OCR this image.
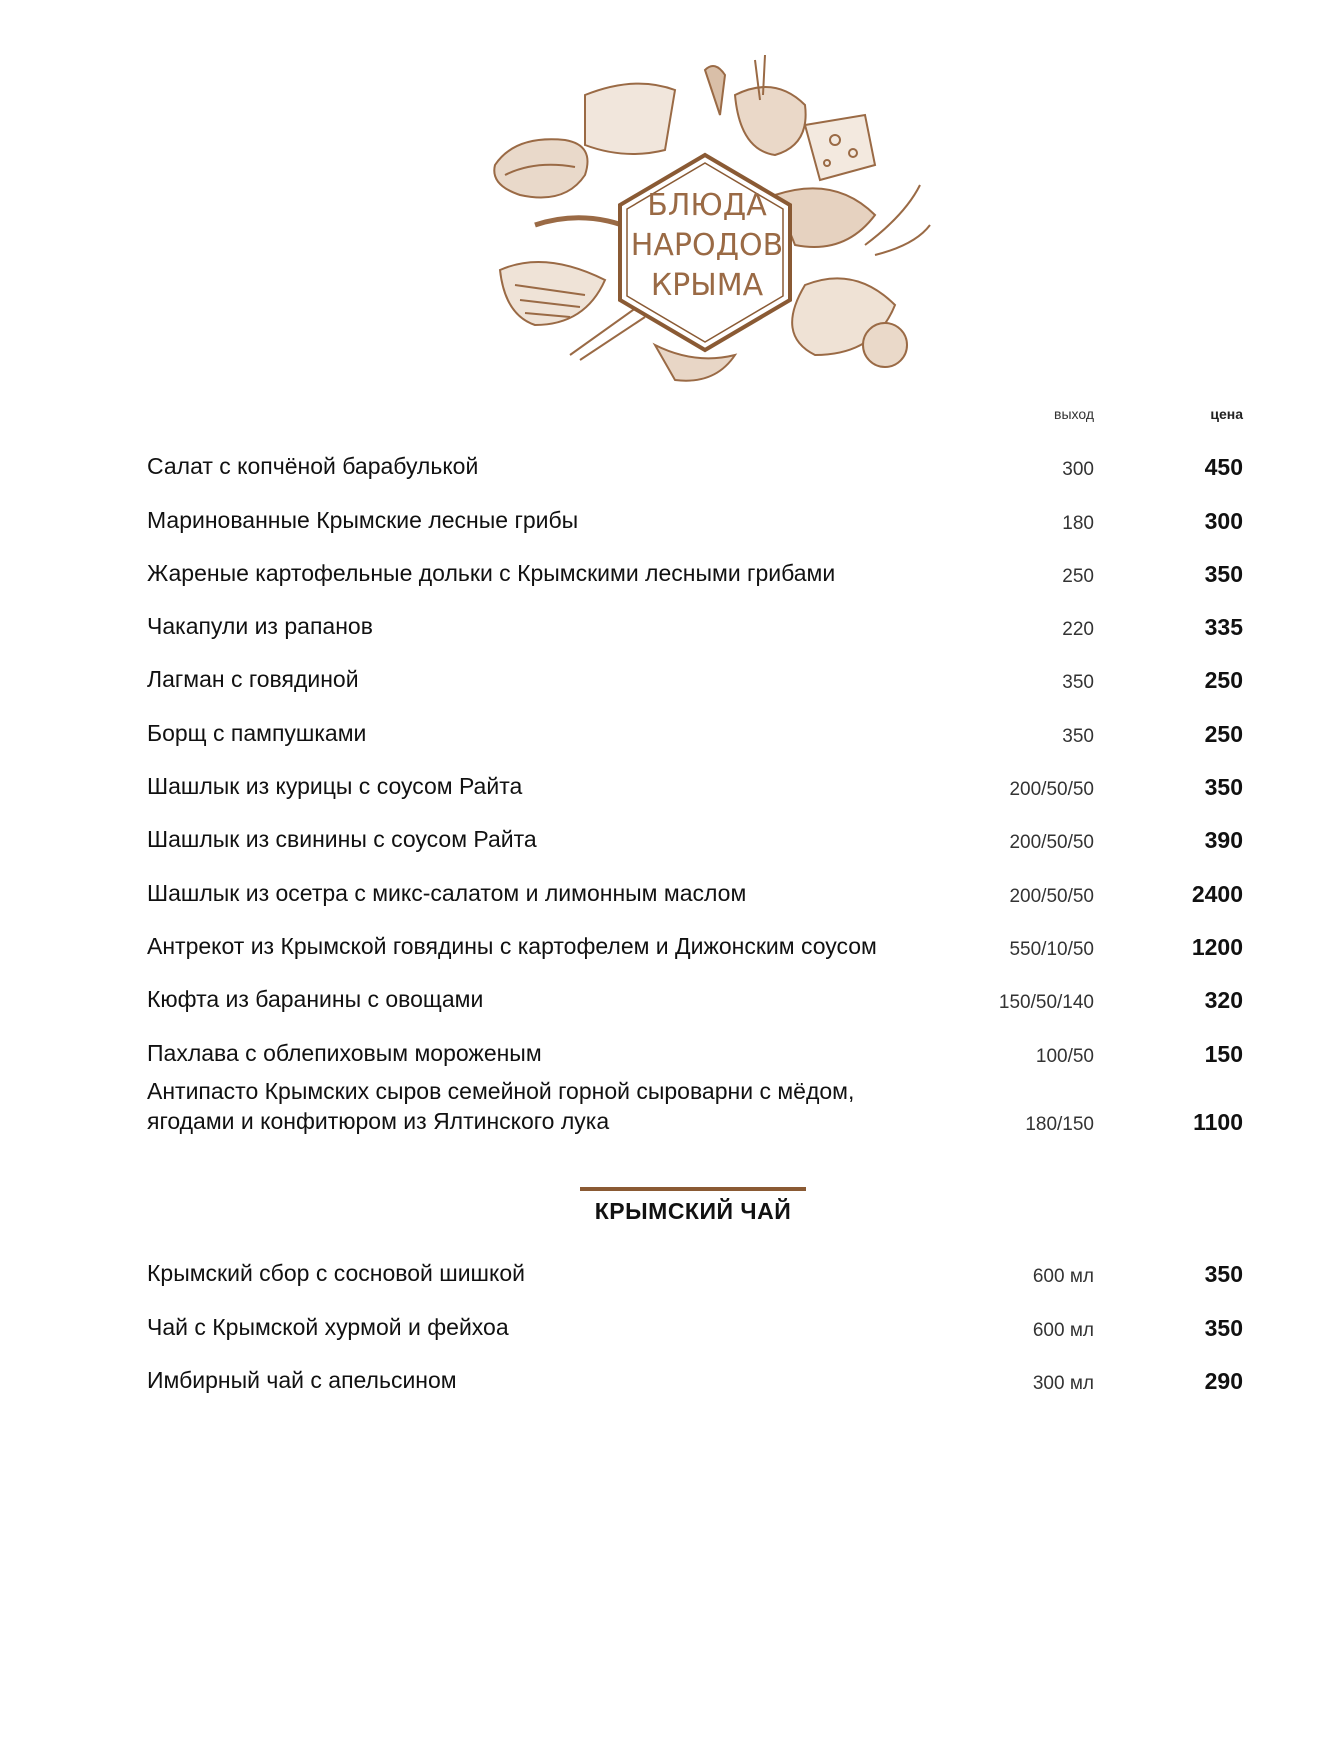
БЛЮДА
НАРОДОВ
КРЫМА
выход	цена
Салат с копчёной барабулькой	300	450
Маринованные Крымские лесные грибы	180	300
Жареные картофельные дольки с Крымскими лесными грибами	250	350
Чакапули из рапанов	220	335
Лагман с говядиной	350	250
Борщ с пампушками	350	250
Шашлык из курицы с соусом Райта	200/50/50	350
Шашлык из свинины с соусом Райта	200/50/50	390
Шашлык из осетра с микс-салатом и лимонным маслом	200/50/50	2400
Антрекот из Крымской говядины с картофелем и Дижонским соусом	550/10/50	1200
Кюфта из баранины с овощами	150/50/140	320
Пахлава с облепиховым мороженым	100/50	150
Антипасто Крымских сыров семейной горной сыроварни с мёдом,
ягодами и конфитюром из Ялтинского лука	180/150	1100
КРЫМСКИЙ ЧАЙ
Крымский сбор с сосновой шишкой	600 мл	350
Чай с Крымской хурмой и фейхоа	600 мл	350
Имбирный чай с апельсином	300 мл	290
